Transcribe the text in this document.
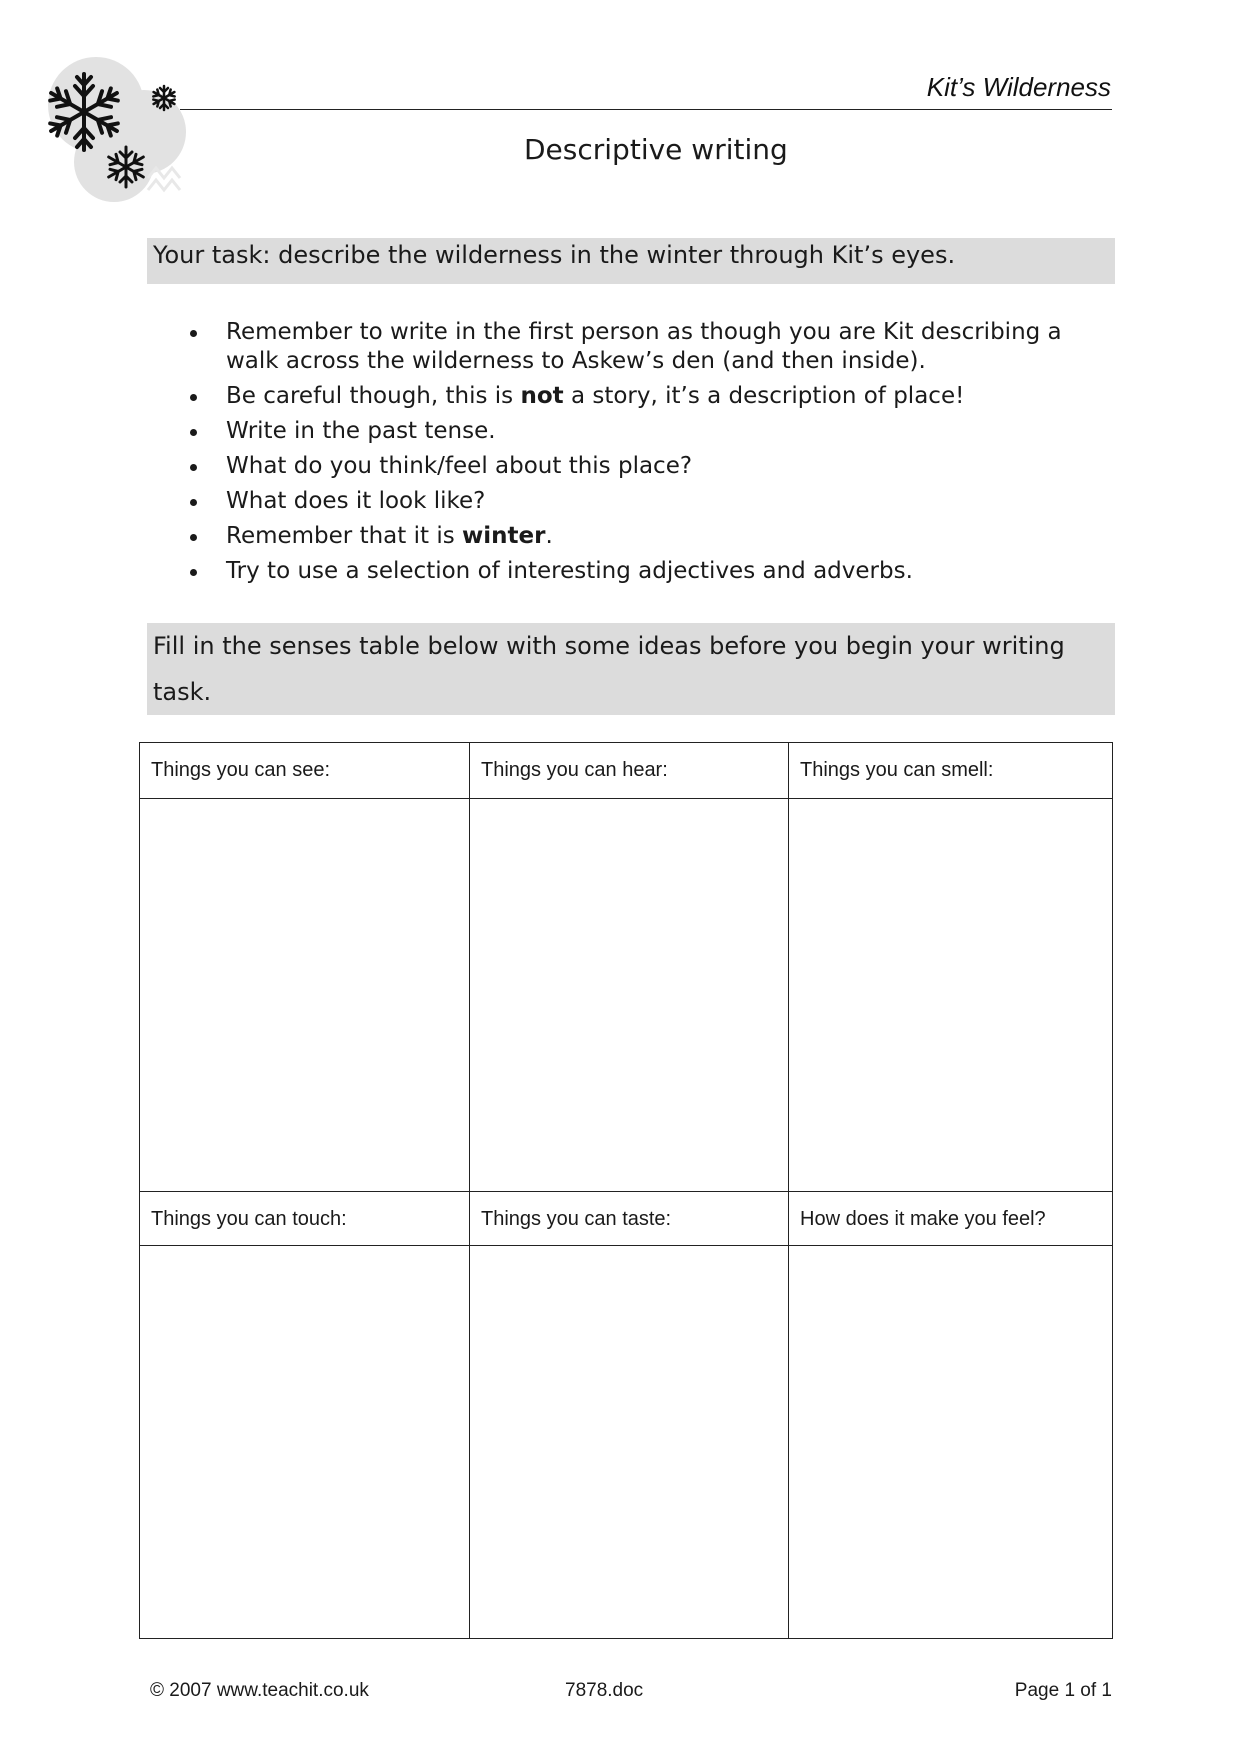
Kit’s Wilderness
Descriptive writing
Your task: describe the wilderness in the winter through Kit’s eyes.
Remember to write in the first person as though you are Kit describing a walk across the wilderness to Askew’s den (and then inside).
Be careful though, this is not a story, it’s a description of place!
Write in the past tense.
What do you think/feel about this place?
What does it look like?
Remember that it is winter.
Try to use a selection of interesting adjectives and adverbs.
Fill in the senses table below with some ideas before you begin your writing task.
Things you can see:	Things you can hear:	Things you can smell:

Things you can touch:	Things you can taste:	How does it make you feel?

© 2007 www.teachit.co.uk	7878.doc	Page 1 of 1
